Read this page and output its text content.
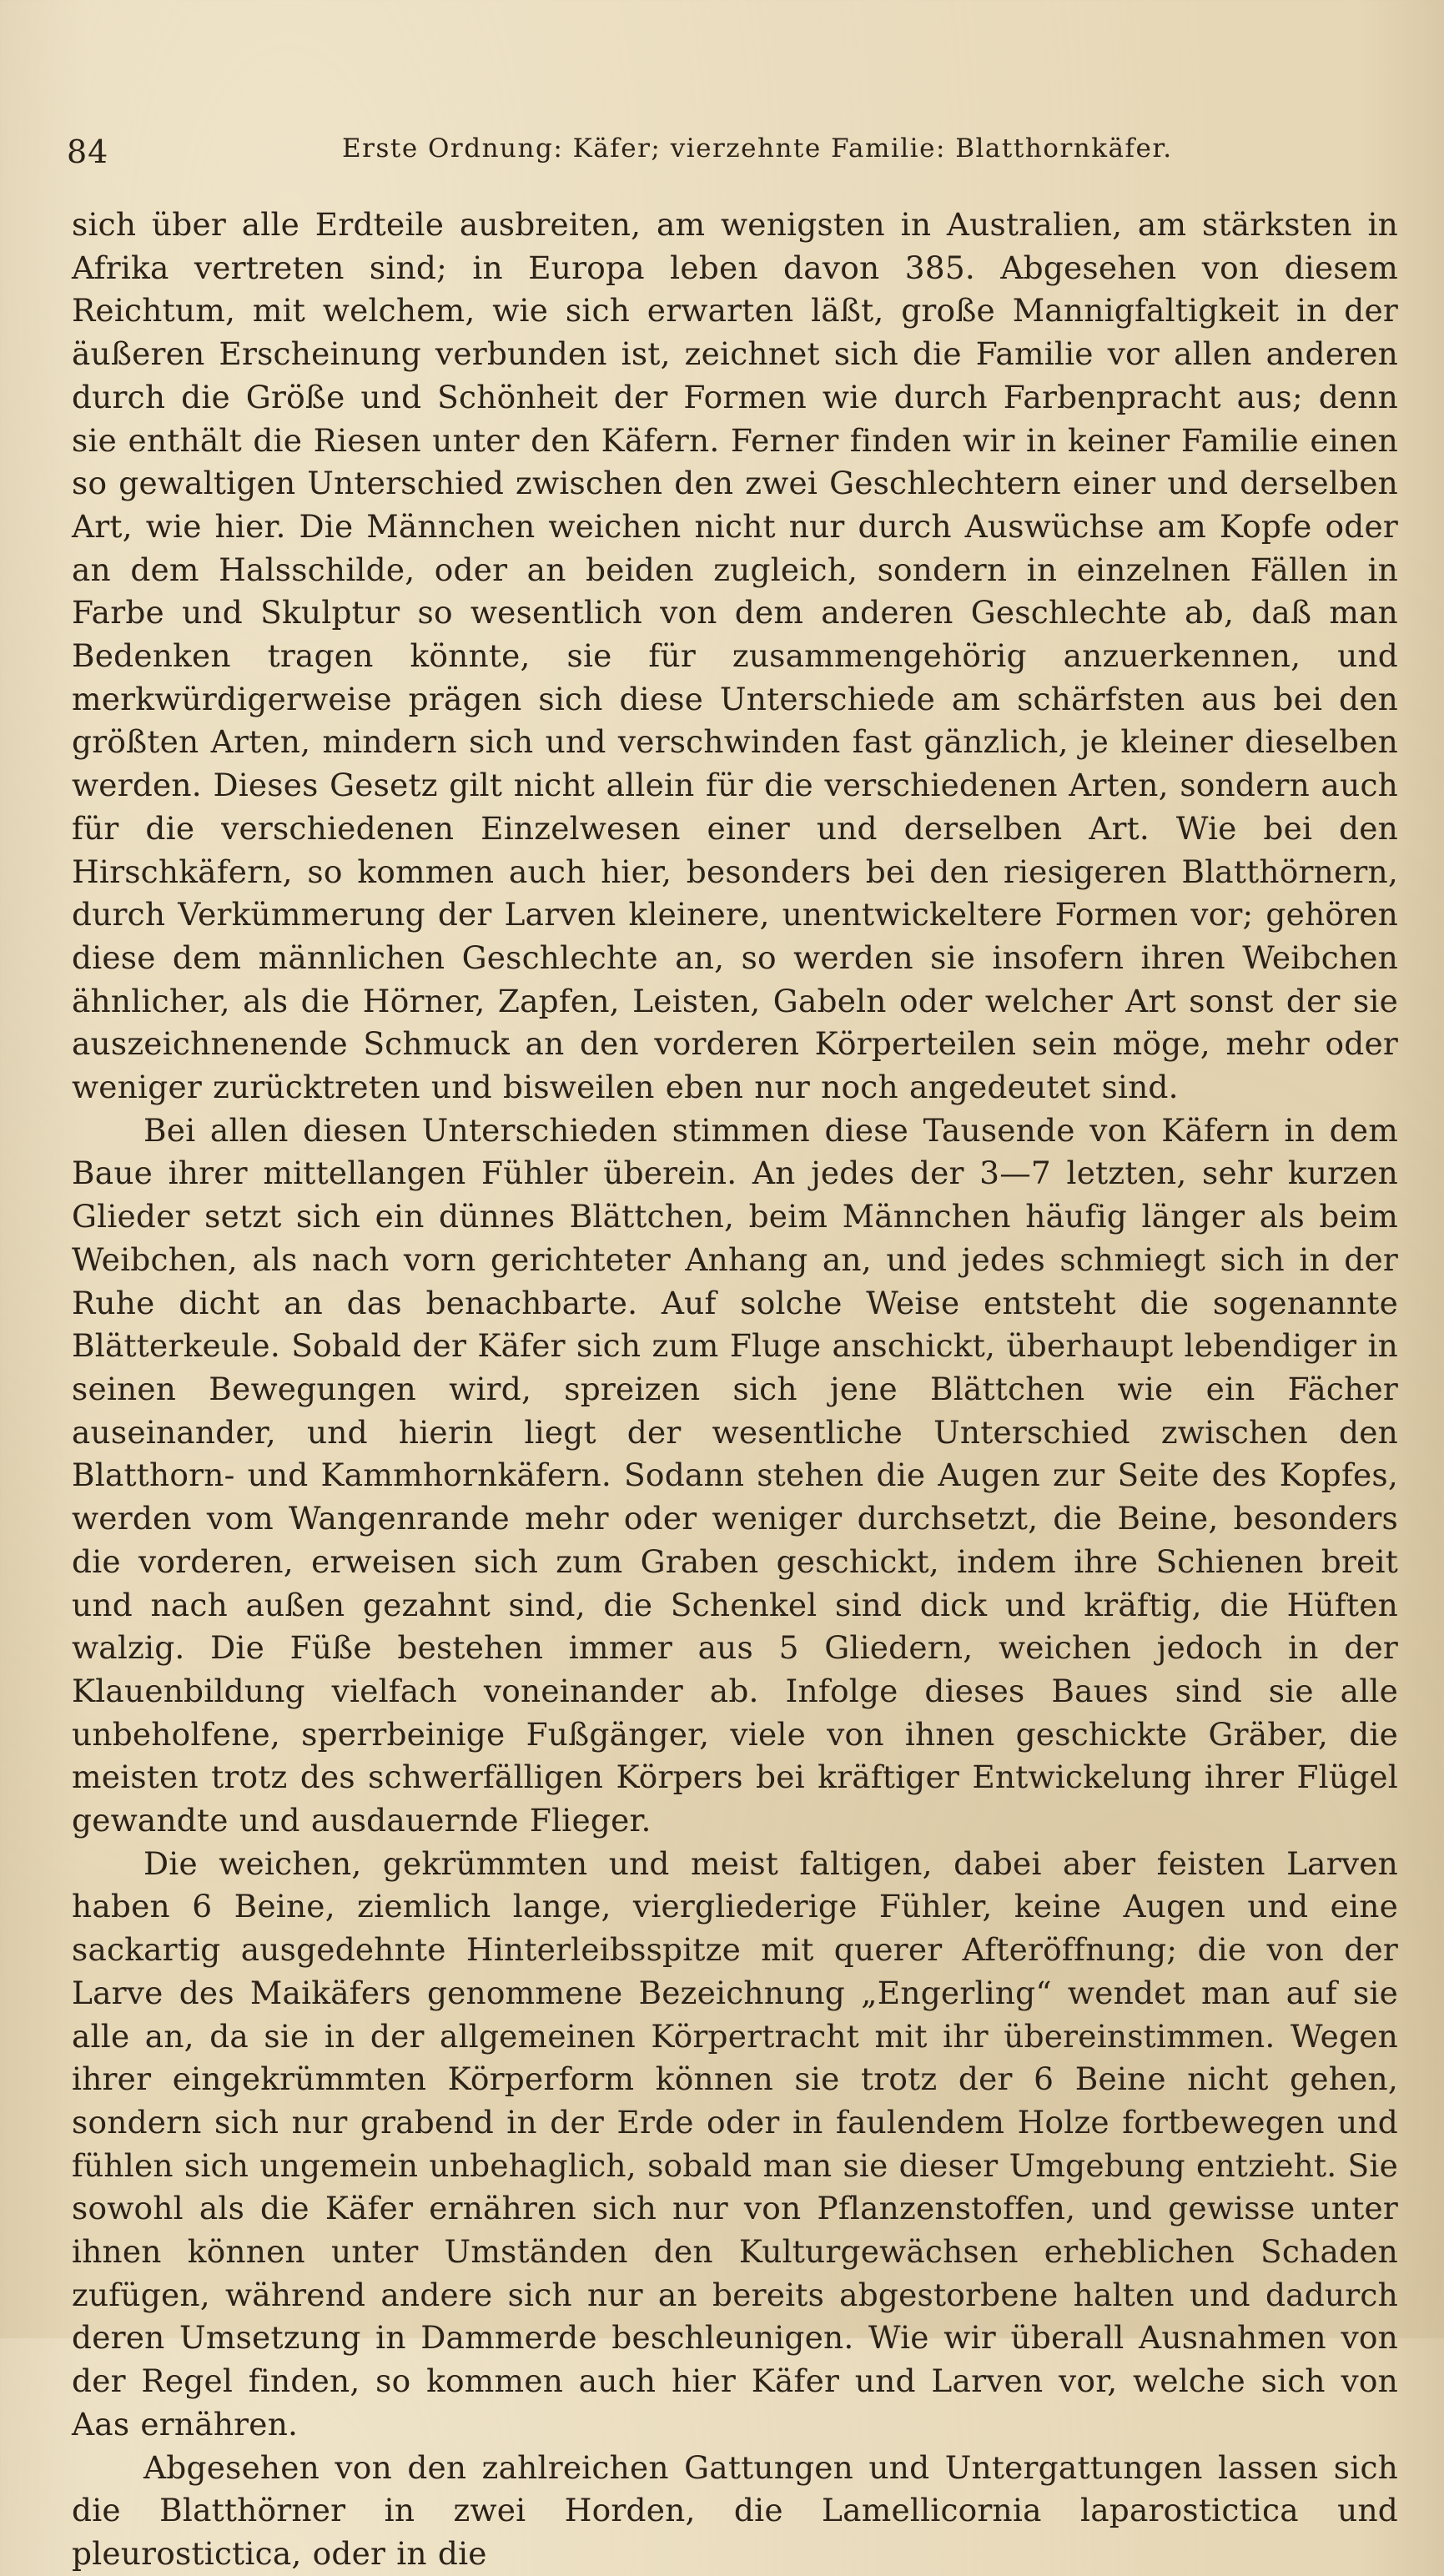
84	Erste Ordnung: Käfer; vierzehnte Familie: Blatthornkäfer.

sich über alle Erdteile ausbreiten, am wenigsten in Australien, am stärksten in Afrika vertreten sind; in Europa leben davon 385. Abgesehen von diesem Reichtum, mit welchem, wie sich erwarten läßt, große Mannigfaltigkeit in der äußeren Erscheinung verbunden ist, zeichnet sich die Familie vor allen anderen durch die Größe und Schönheit der Formen wie durch Farbenpracht aus; denn sie enthält die Riesen unter den Käfern. Ferner finden wir in keiner Familie einen so gewaltigen Unterschied zwischen den zwei Geschlechtern einer und derselben Art, wie hier. Die Männchen weichen nicht nur durch Auswüchse am Kopfe oder an dem Halsschilde, oder an beiden zugleich, sondern in einzelnen Fällen in Farbe und Skulptur so wesentlich von dem anderen Geschlechte ab, daß man Bedenken tragen könnte, sie für zusammengehörig anzuerkennen, und merkwürdigerweise prägen sich diese Unterschiede am schärfsten aus bei den größten Arten, mindern sich und verschwinden fast gänzlich, je kleiner dieselben werden. Dieses Gesetz gilt nicht allein für die verschiedenen Arten, sondern auch für die verschiedenen Einzelwesen einer und derselben Art. Wie bei den Hirschkäfern, so kommen auch hier, besonders bei den riesigeren Blatthörnern, durch Verkümmerung der Larven kleinere, unentwickeltere Formen vor; gehören diese dem männlichen Geschlechte an, so werden sie insofern ihren Weibchen ähnlicher, als die Hörner, Zapfen, Leisten, Gabeln oder welcher Art sonst der sie auszeichnenende Schmuck an den vorderen Körperteilen sein möge, mehr oder weniger zurücktreten und bisweilen eben nur noch angedeutet sind.

Bei allen diesen Unterschieden stimmen diese Tausende von Käfern in dem Baue ihrer mittellangen Fühler überein. An jedes der 3—7 letzten, sehr kurzen Glieder setzt sich ein dünnes Blättchen, beim Männchen häufig länger als beim Weibchen, als nach vorn gerichteter Anhang an, und jedes schmiegt sich in der Ruhe dicht an das benachbarte. Auf solche Weise entsteht die sogenannte Blätterkeule. Sobald der Käfer sich zum Fluge anschickt, überhaupt lebendiger in seinen Bewegungen wird, spreizen sich jene Blättchen wie ein Fächer auseinander, und hierin liegt der wesentliche Unterschied zwischen den Blatthorn- und Kammhornkäfern. Sodann stehen die Augen zur Seite des Kopfes, werden vom Wangenrande mehr oder weniger durchsetzt, die Beine, besonders die vorderen, erweisen sich zum Graben geschickt, indem ihre Schienen breit und nach außen gezahnt sind, die Schenkel sind dick und kräftig, die Hüften walzig. Die Füße bestehen immer aus 5 Gliedern, weichen jedoch in der Klauenbildung vielfach voneinander ab. Infolge dieses Baues sind sie alle unbeholfene, sperrbeinige Fußgänger, viele von ihnen geschickte Gräber, die meisten trotz des schwerfälligen Körpers bei kräftiger Entwickelung ihrer Flügel gewandte und ausdauernde Flieger.

Die weichen, gekrümmten und meist faltigen, dabei aber feisten Larven haben 6 Beine, ziemlich lange, viergliederige Fühler, keine Augen und eine sackartig ausgedehnte Hinterleibsspitze mit querer Afteröffnung; die von der Larve des Maikäfers genommene Bezeichnung „Engerling“ wendet man auf sie alle an, da sie in der allgemeinen Körpertracht mit ihr übereinstimmen. Wegen ihrer eingekrümmten Körperform können sie trotz der 6 Beine nicht gehen, sondern sich nur grabend in der Erde oder in faulendem Holze fortbewegen und fühlen sich ungemein unbehaglich, sobald man sie dieser Umgebung entzieht. Sie sowohl als die Käfer ernähren sich nur von Pflanzenstoffen, und gewisse unter ihnen können unter Umständen den Kulturgewächsen erheblichen Schaden zufügen, während andere sich nur an bereits abgestorbene halten und dadurch deren Umsetzung in Dammerde beschleunigen. Wie wir überall Ausnahmen von der Regel finden, so kommen auch hier Käfer und Larven vor, welche sich von Aas ernähren.

Abgesehen von den zahlreichen Gattungen und Untergattungen lassen sich die Blatthörner in zwei Horden, die Lamellicornia laparostictica und pleurostictica, oder in die
